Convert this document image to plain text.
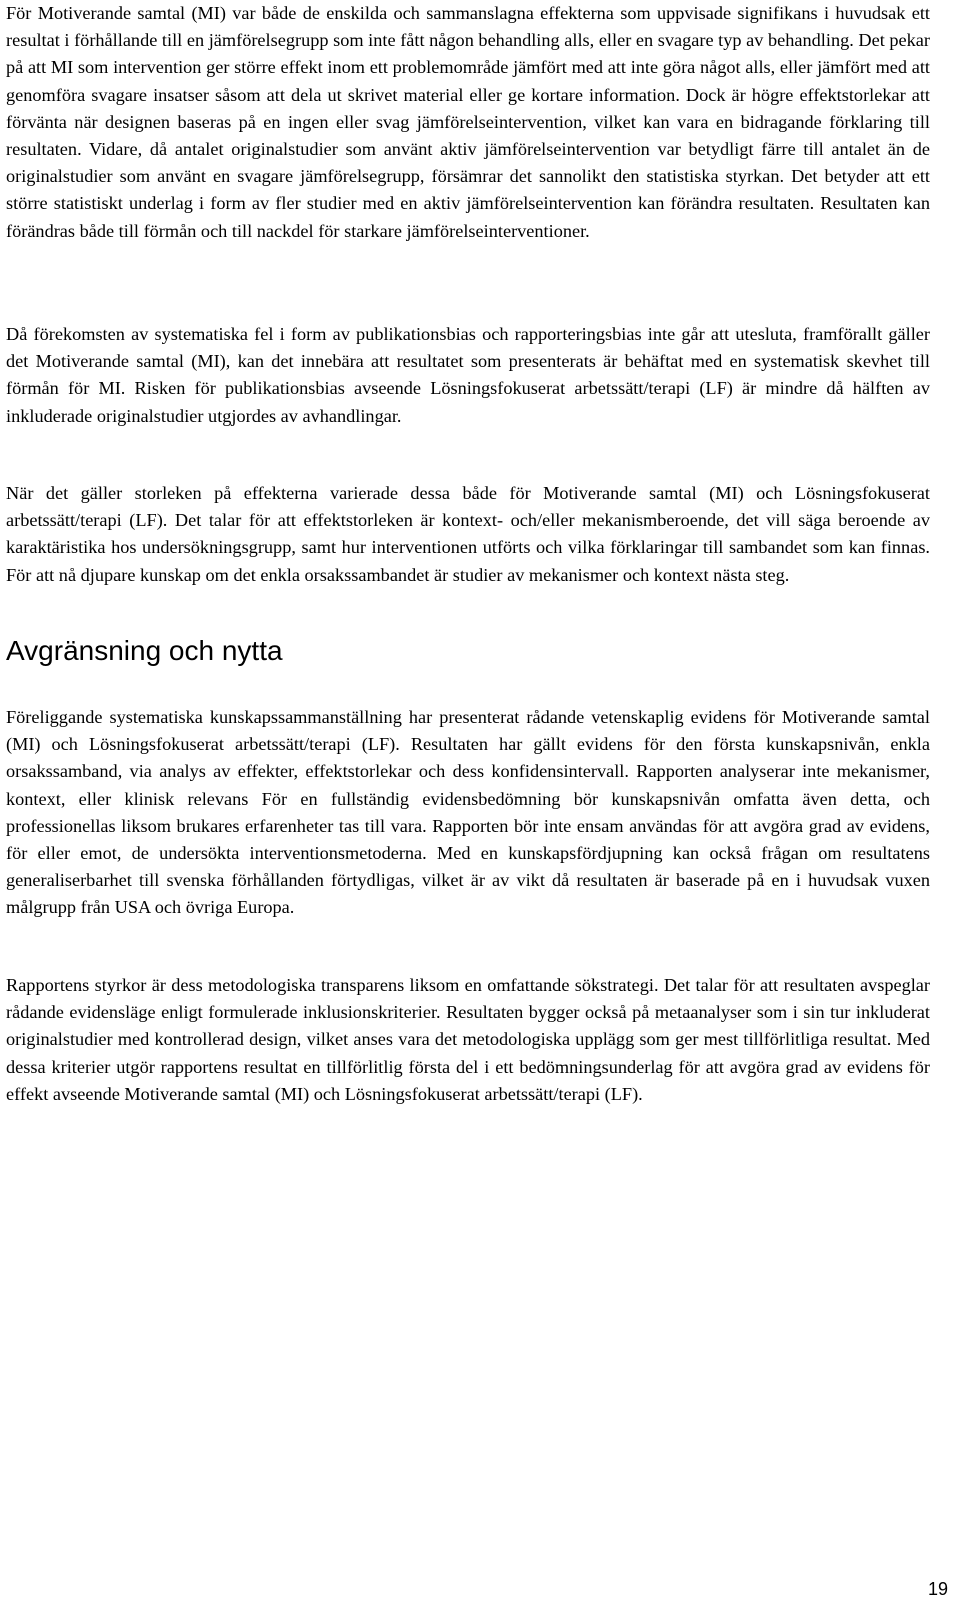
För Motiverande samtal (MI) var både de enskilda och sammanslagna effekterna som uppvisade signifikans i huvudsak ett resultat i förhållande till en jämförelsegrupp som inte fått någon behandling alls, eller en svagare typ av behandling. Det pekar på att MI som intervention ger större effekt inom ett problemområde jämfört med att inte göra något alls, eller jämfört med att genomföra svagare insatser såsom att dela ut skrivet material eller ge kortare information. Dock är högre effektstorlekar att förvänta när designen baseras på en ingen eller svag jämförelseintervention, vilket kan vara en bidragande förklaring till resultaten. Vidare, då antalet originalstudier som använt aktiv jämförelseintervention var betydligt färre till antalet än de originalstudier som använt en svagare jämförelsegrupp, försämrar det sannolikt den statistiska styrkan. Det betyder att ett större statistiskt underlag i form av fler studier med en aktiv jämförelseintervention kan förändra resultaten. Resultaten kan förändras både till förmån och till nackdel för starkare jämförelseinterventioner.

Då förekomsten av systematiska fel i form av publikationsbias och rapporteringsbias inte går att utesluta, framförallt gäller det Motiverande samtal (MI), kan det innebära att resultatet som presenterats är behäftat med en systematisk skevhet till förmån för MI. Risken för publikationsbias avseende Lösningsfokuserat arbetssätt/terapi (LF) är mindre då hälften av inkluderade originalstudier utgjordes av avhandlingar.

När det gäller storleken på effekterna varierade dessa både för Motiverande samtal (MI) och Lösningsfokuserat arbetssätt/terapi (LF). Det talar för att effektstorleken är kontext- och/eller mekanismberoende, det vill säga beroende av karaktäristika hos undersökningsgrupp, samt hur interventionen utförts och vilka förklaringar till sambandet som kan finnas. För att nå djupare kunskap om det enkla orsakssambandet är studier av mekanismer och kontext nästa steg.

Avgränsning och nytta

Föreliggande systematiska kunskapssammanställning har presenterat rådande vetenskaplig evidens för Motiverande samtal (MI) och Lösningsfokuserat arbetssätt/terapi (LF). Resultaten har gällt evidens för den första kunskapsnivån, enkla orsakssamband, via analys av effekter, effektstorlekar och dess konfidensintervall. Rapporten analyserar inte mekanismer, kontext, eller klinisk relevans För en fullständig evidensbedömning bör kunskapsnivån omfatta även detta, och professionellas liksom brukares erfarenheter tas till vara. Rapporten bör inte ensam användas för att avgöra grad av evidens, för eller emot, de undersökta interventionsmetoderna. Med en kunskapsfördjupning kan också frågan om resultatens generaliserbarhet till svenska förhållanden förtydligas, vilket är av vikt då resultaten är baserade på en i huvudsak vuxen målgrupp från USA och övriga Europa.

Rapportens styrkor är dess metodologiska transparens liksom en omfattande sökstrategi. Det talar för att resultaten avspeglar rådande evidensläge enligt formulerade inklusionskriterier. Resultaten bygger också på metaanalyser som i sin tur inkluderat originalstudier med kontrollerad design, vilket anses vara det metodologiska upplägg som ger mest tillförlitliga resultat. Med dessa kriterier utgör rapportens resultat en tillförlitlig första del i ett bedömningsunderlag för att avgöra grad av evidens för effekt avseende Motiverande samtal (MI) och Lösningsfokuserat arbetssätt/terapi (LF).

19
